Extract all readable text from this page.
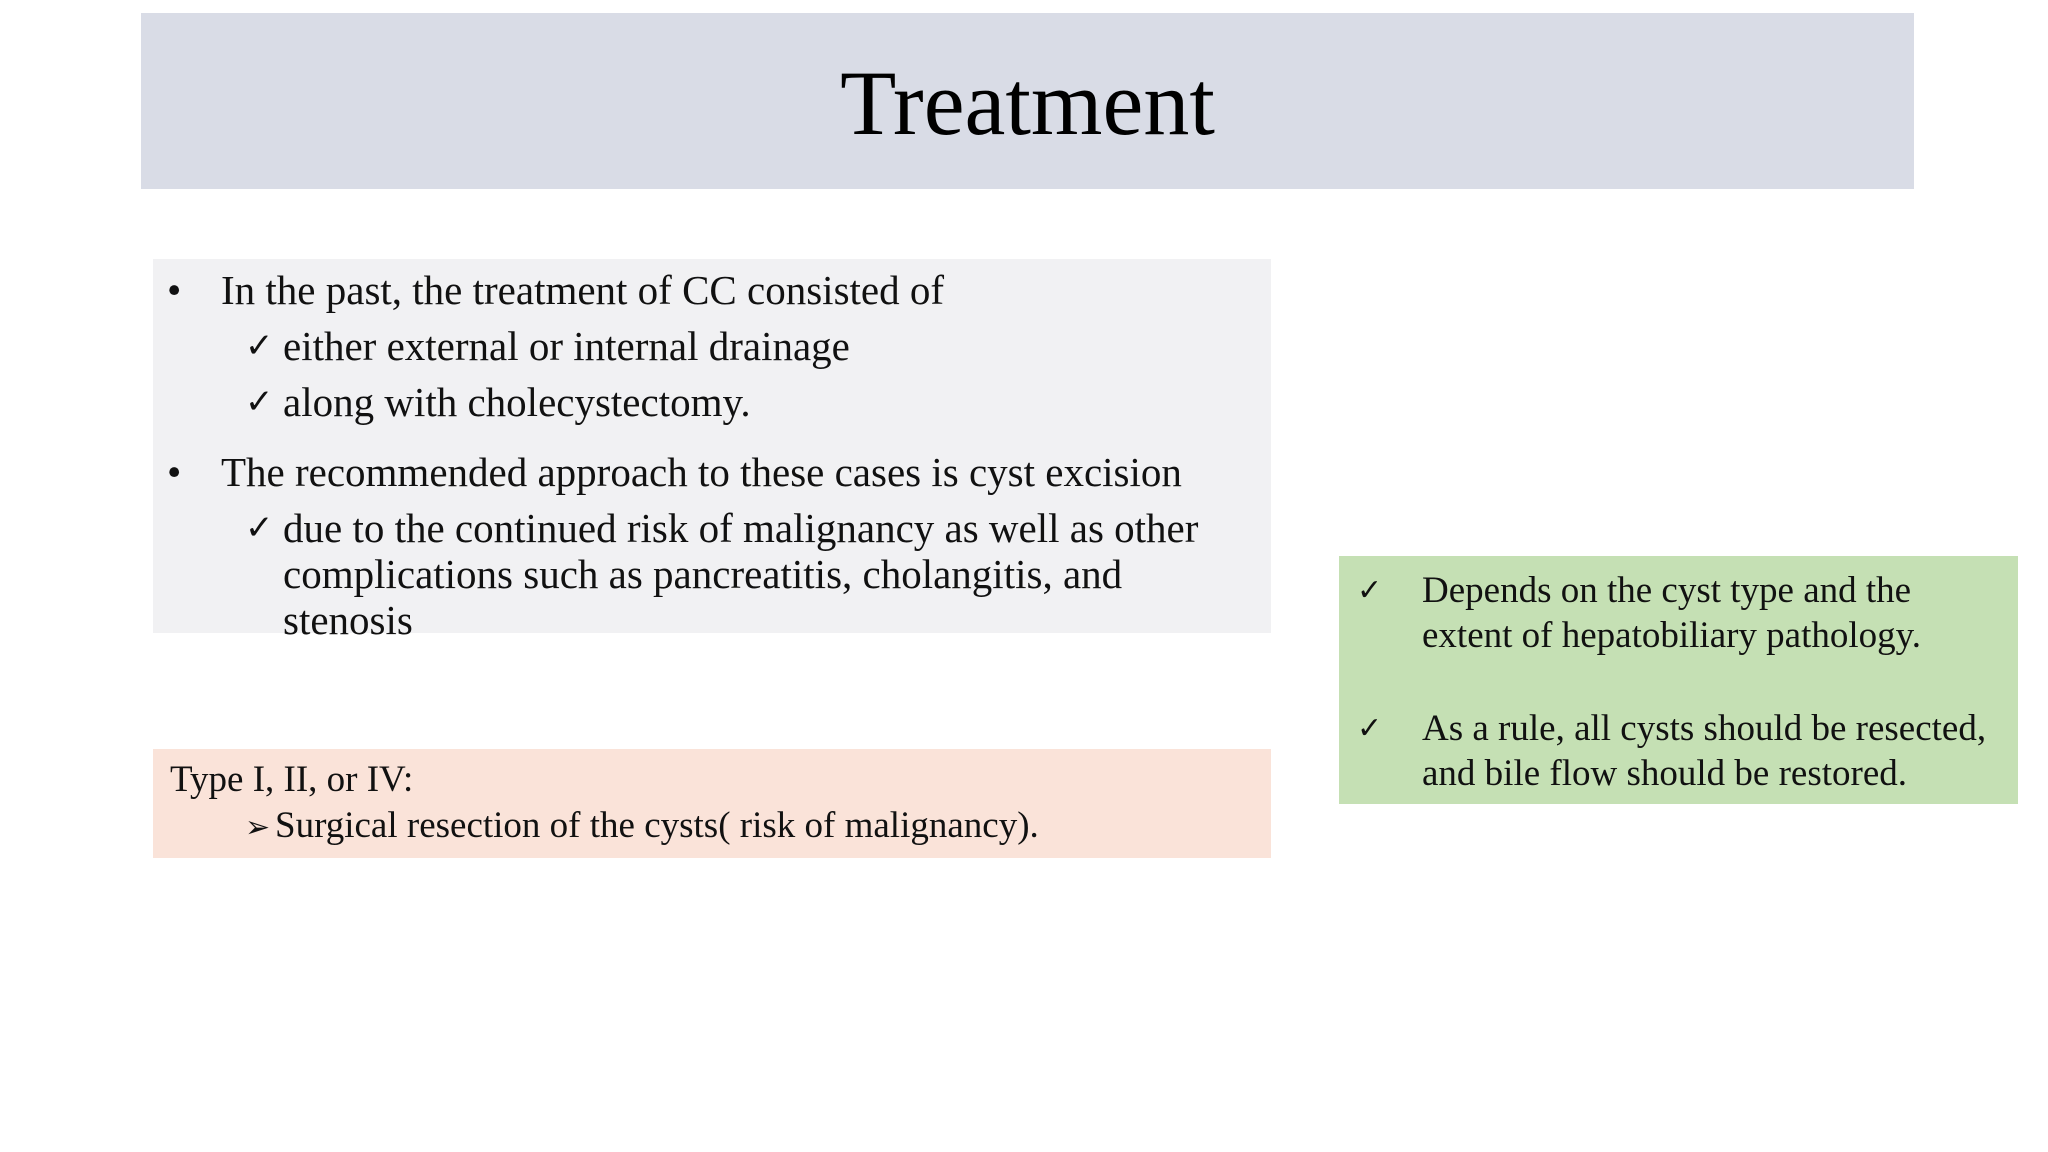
Treatment
• In the past, the treatment of CC consisted of
✓ either external or internal drainage
✓ along with cholecystectomy.
• The recommended approach to these cases is cyst excision
✓ due to the continued risk of malignancy as well as other
complications such as pancreatitis, cholangitis, and
stenosis
Type I, II, or IV:
➢ Surgical resection of the cysts( risk of malignancy).
✓ Depends on the cyst type and the
extent of hepatobiliary pathology.
✓ As a rule, all cysts should be resected,
and bile flow should be restored.
